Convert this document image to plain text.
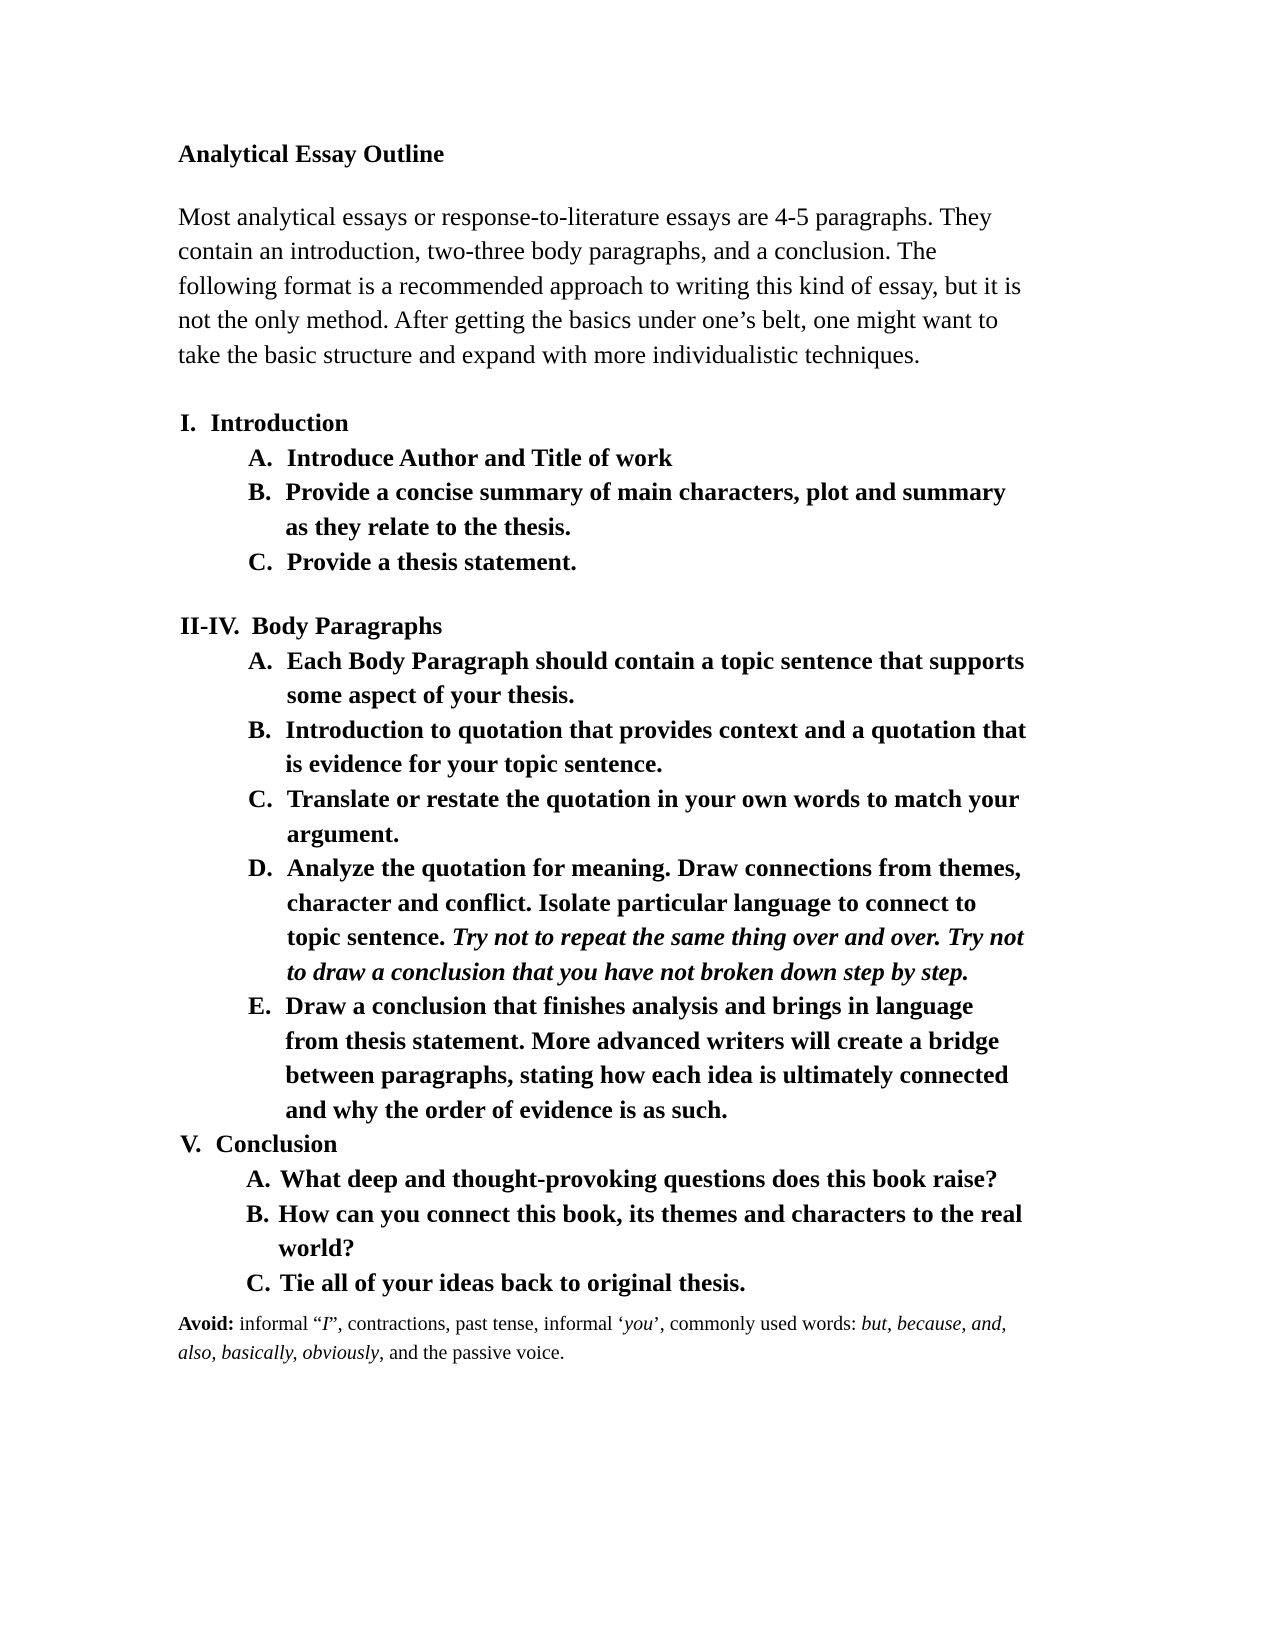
Analytical Essay Outline

Most analytical essays or response-to-literature essays are 4-5 paragraphs. They contain an introduction, two-three body paragraphs, and a conclusion. The following format is a recommended approach to writing this kind of essay, but it is not the only method. After getting the basics under one’s belt, one might want to take the basic structure and expand with more individualistic techniques.

I. Introduction
A. Introduce Author and Title of work
B. Provide a concise summary of main characters, plot and summary as they relate to the thesis.
C. Provide a thesis statement.
II-IV. Body Paragraphs
A. Each Body Paragraph should contain a topic sentence that supports some aspect of your thesis.
B. Introduction to quotation that provides context and a quotation that is evidence for your topic sentence.
C. Translate or restate the quotation in your own words to match your argument.
D. Analyze the quotation for meaning. Draw connections from themes, character and conflict. Isolate particular language to connect to topic sentence. Try not to repeat the same thing over and over. Try not to draw a conclusion that you have not broken down step by step.
E. Draw a conclusion that finishes analysis and brings in language from thesis statement. More advanced writers will create a bridge between paragraphs, stating how each idea is ultimately connected and why the order of evidence is as such.
V. Conclusion
A. What deep and thought-provoking questions does this book raise?
B. How can you connect this book, its themes and characters to the real world?
C. Tie all of your ideas back to original thesis.

Avoid: informal “I”, contractions, past tense, informal ‘you’, commonly used words: but, because, and, also, basically, obviously, and the passive voice.
